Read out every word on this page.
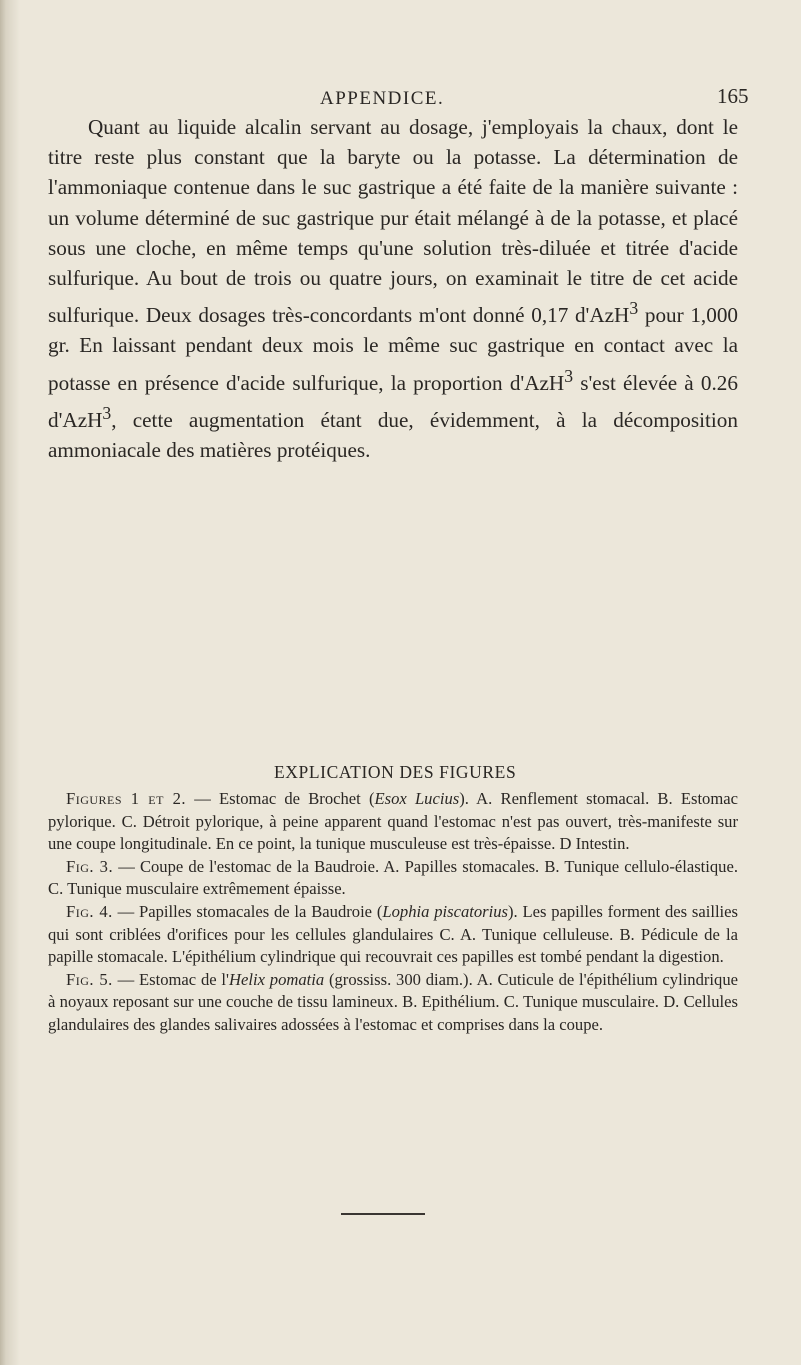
APPENDICE.	165

Quant au liquide alcalin servant au dosage, j'employais la chaux, dont le titre reste plus constant que la baryte ou la potasse. La détermination de l'ammoniaque contenue dans le suc gastrique a été faite de la manière suivante : un volume déterminé de suc gastrique pur était mélangé à de la potasse, et placé sous une cloche, en même temps qu'une solution très-diluée et titrée d'acide sulfurique. Au bout de trois ou quatre jours, on examinait le titre de cet acide sulfurique. Deux dosages très-concordants m'ont donné 0,17 d'AzH$^3$ pour 1,000 gr. En laissant pendant deux mois le même suc gastrique en contact avec la potasse en présence d'acide sulfurique, la proportion d'AzH$^3$ s'est élevée à 0.26 d'AzH$^3$, cette augmentation étant due, évidemment, à la décomposition ammoniacale des matières protéiques.

EXPLICATION DES FIGURES

Figures 1 et 2. — Estomac de Brochet (Esox Lucius). A. Renflement stomacal. B. Estomac pylorique. C. Détroit pylorique, à peine apparent quand l'estomac n'est pas ouvert, très-manifeste sur une coupe longitudinale. En ce point, la tunique musculeuse est très-épaisse. D Intestin.

Fig. 3. — Coupe de l'estomac de la Baudroie. A. Papilles stomacales. B. Tunique cellulo-élastique. C. Tunique musculaire extrêmement épaisse.

Fig. 4. — Papilles stomacales de la Baudroie (Lophia piscatorius). Les papilles forment des saillies qui sont criblées d'orifices pour les cellules glandulaires C. A. Tunique celluleuse. B. Pédicule de la papille stomacale. L'épithélium cylindrique qui recouvrait ces papilles est tombé pendant la digestion.

Fig. 5. — Estomac de l'Helix pomatia (grossiss. 300 diam.). A. Cuticule de l'épithélium cylindrique à noyaux reposant sur une couche de tissu lamineux. B. Epithélium. C. Tunique musculaire. D. Cellules glandulaires des glandes salivaires adossées à l'estomac et comprises dans la coupe.
